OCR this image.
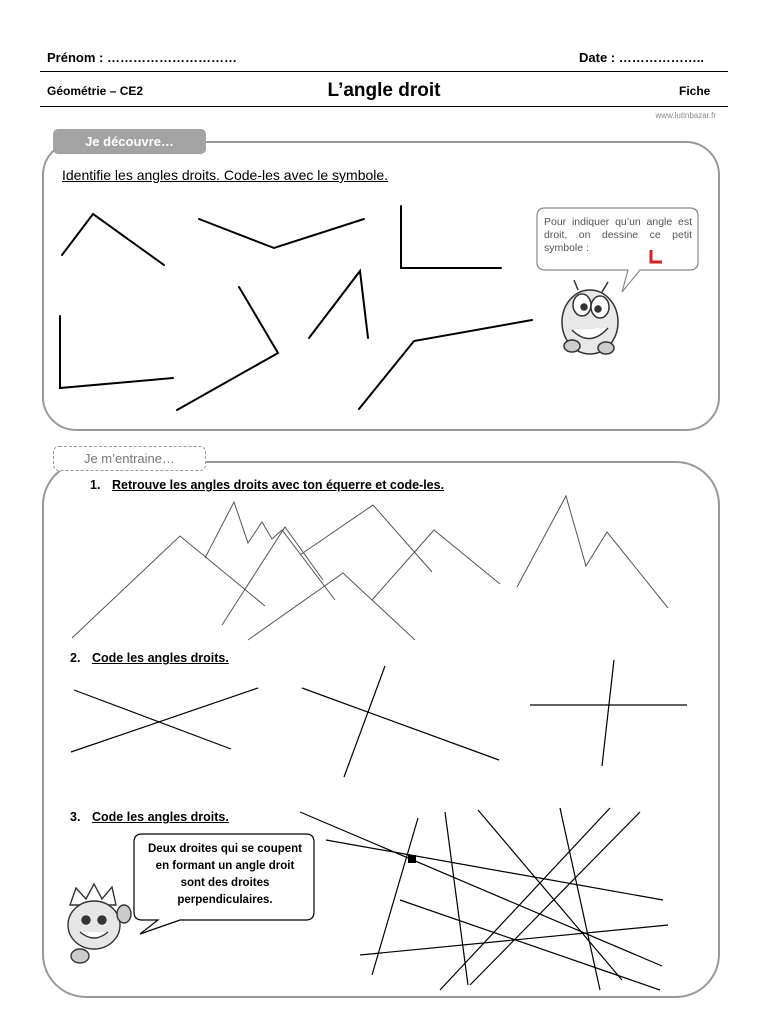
Prénom : …………………………	Date : ………………..
Géométrie – CE2	L’angle droit	Fiche
www.lutinbazar.fr
Je découvre…
Identifie les angles droits. Code-les avec le symbole.
Je m’entraine…
1. Retrouve les angles droits avec ton équerre et code-les.
2. Code les angles droits.
3. Code les angles droits.
Pour indiquer qu’un angle est droit, on dessine ce petit symbole :
Deux droites qui se coupent en formant un angle droit sont des droites perpendiculaires.
